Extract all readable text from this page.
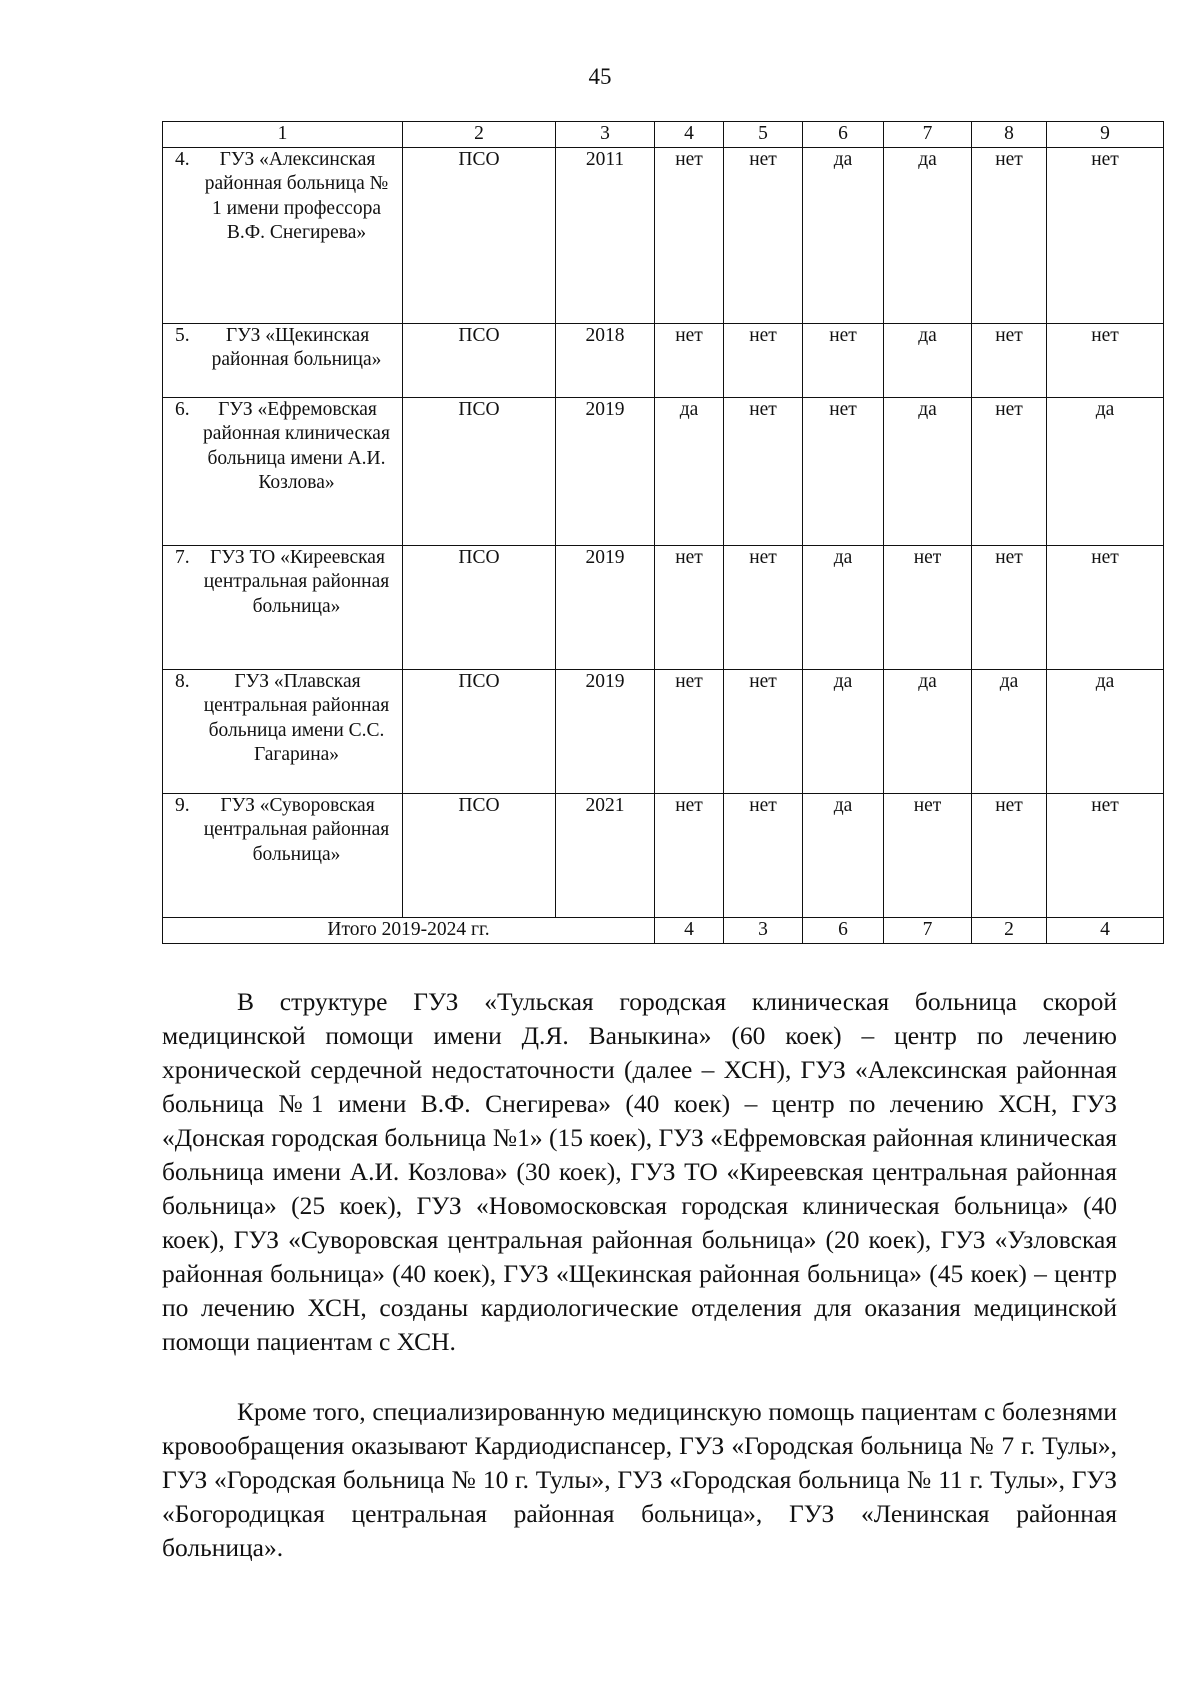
45
1	2	3	4	5	6	7	8	9

4. ГУЗ «Алексинская районная больница № 1 имени профессора В.Ф. Снегирева»	ПСО	2011	нет	нет	да	да	нет	нет

5. ГУЗ «Щекинская районная больница»	ПСО	2018	нет	нет	нет	да	нет	нет

6. ГУЗ «Ефремовская районная клиническая больница имени А.И. Козлова»	ПСО	2019	да	нет	нет	да	нет	да

7. ГУЗ ТО «Киреевская центральная районная больница»	ПСО	2019	нет	нет	да	нет	нет	нет

8. ГУЗ «Плавская центральная районная больница имени С.С. Гагарина»	ПСО	2019	нет	нет	да	да	да	да

9. ГУЗ «Суворовская центральная районная больница»	ПСО	2021	нет	нет	да	нет	нет	нет
Итого 2019-2024 гг.			4	3	6	7	2	4

В структуре ГУЗ «Тульская городская клиническая больница скорой медицинской помощи имени Д.Я. Ваныкина» (60 коек) – центр по лечению хронической сердечной недостаточности (далее – ХСН), ГУЗ «Алексинская районная больница №1 имени В.Ф. Снегирева» (40 коек) – центр по лечению ХСН, ГУЗ «Донская городская больница №1» (15 коек), ГУЗ «Ефремовская районная клиническая больница имени А.И. Козлова» (30 коек), ГУЗ ТО «Киреевская центральная районная больница» (25 коек), ГУЗ «Новомосковская городская клиническая больница» (40 коек), ГУЗ «Суворовская центральная районная больница» (20 коек), ГУЗ «Узловская районная больница» (40 коек), ГУЗ «Щекинская районная больница» (45 коек) – центр по лечению ХСН, созданы кардиологические отделения для оказания медицинской помощи пациентам с ХСН.

Кроме того, специализированную медицинскую помощь пациентам с болезнями кровообращения оказывают Кардиодиспансер, ГУЗ «Городская больница № 7 г. Тулы», ГУЗ «Городская больница № 10 г. Тулы», ГУЗ «Городская больница № 11 г. Тулы», ГУЗ «Богородицкая центральная районная больница», ГУЗ «Ленинская районная больница».
